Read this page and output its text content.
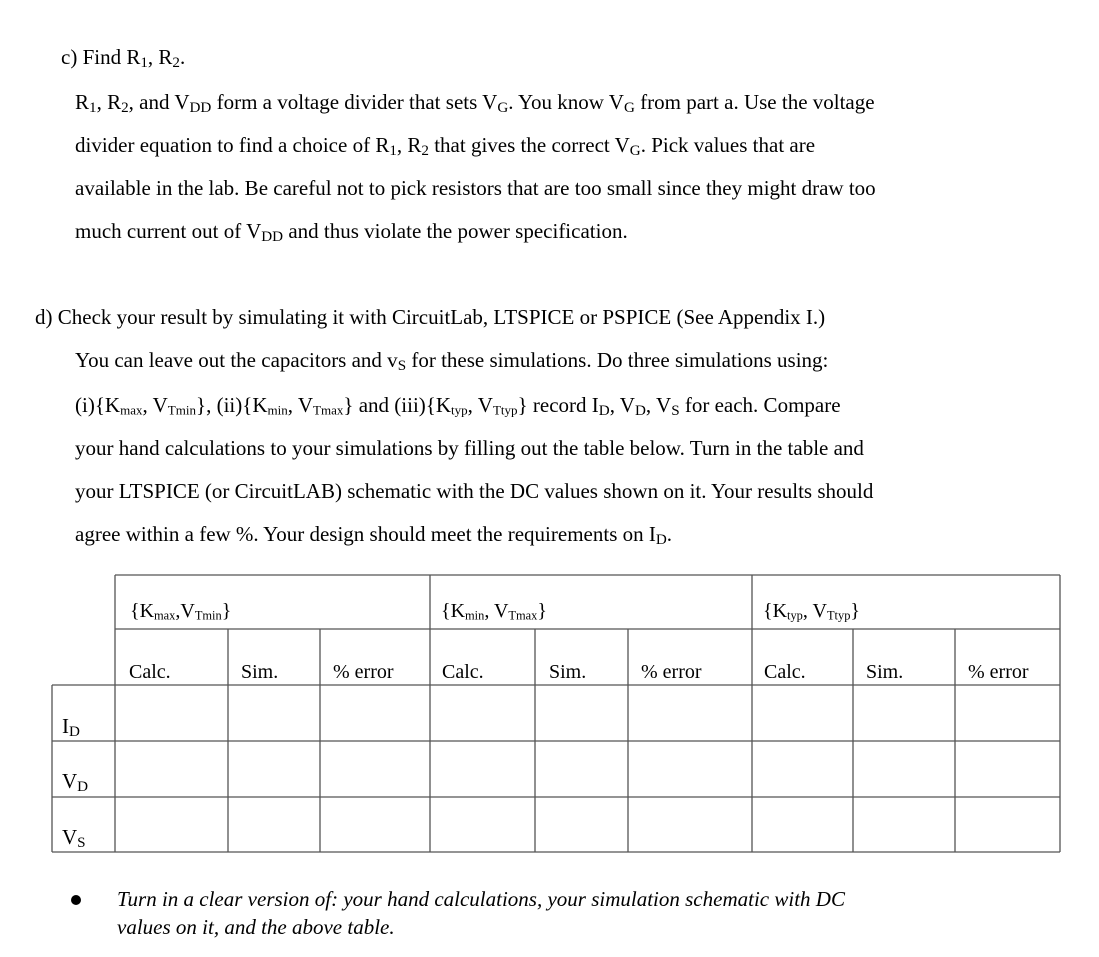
c) Find $R_1$, $R_2$.
$R_1$, $R_2$, and $V_{DD}$ form a voltage divider that sets $V_G$. You know $V_G$ from part a. Use the voltage
divider equation to find a choice of $R_1$, $R_2$ that gives the correct $V_G$. Pick values that are
available in the lab. Be careful not to pick resistors that are too small since they might draw too
much current out of $V_{DD}$ and thus violate the power specification.
d) Check your result by simulating it with CircuitLab, LTSPICE or PSPICE (See Appendix I.)
You can leave out the capacitors and $v_S$ for these simulations. Do three simulations using:
(i){Kmax, VTmin}, (ii){Kmin, VTmax} and (iii){Ktyp, VTtyp} record $I_D$, $V_D$, $V_S$ for each. Compare
your hand calculations to your simulations by filling out the table below. Turn in the table and
your LTSPICE (or CircuitLAB) schematic with the DC values shown on it. Your results should
agree within a few %. Your design should meet the requirements on $I_D$.
{Kmax,VTmin}	{Kmin, VTmax}	{Ktyp, VTtyp}
Calc.	Sim.	% error Calc.	Sim.	% error	Calc.	Sim.	% error
$I_D$
$V_D$
$V_S$
Turn in a clear version of: your hand calculations, your simulation schematic with DC
values on it, and the above table.
